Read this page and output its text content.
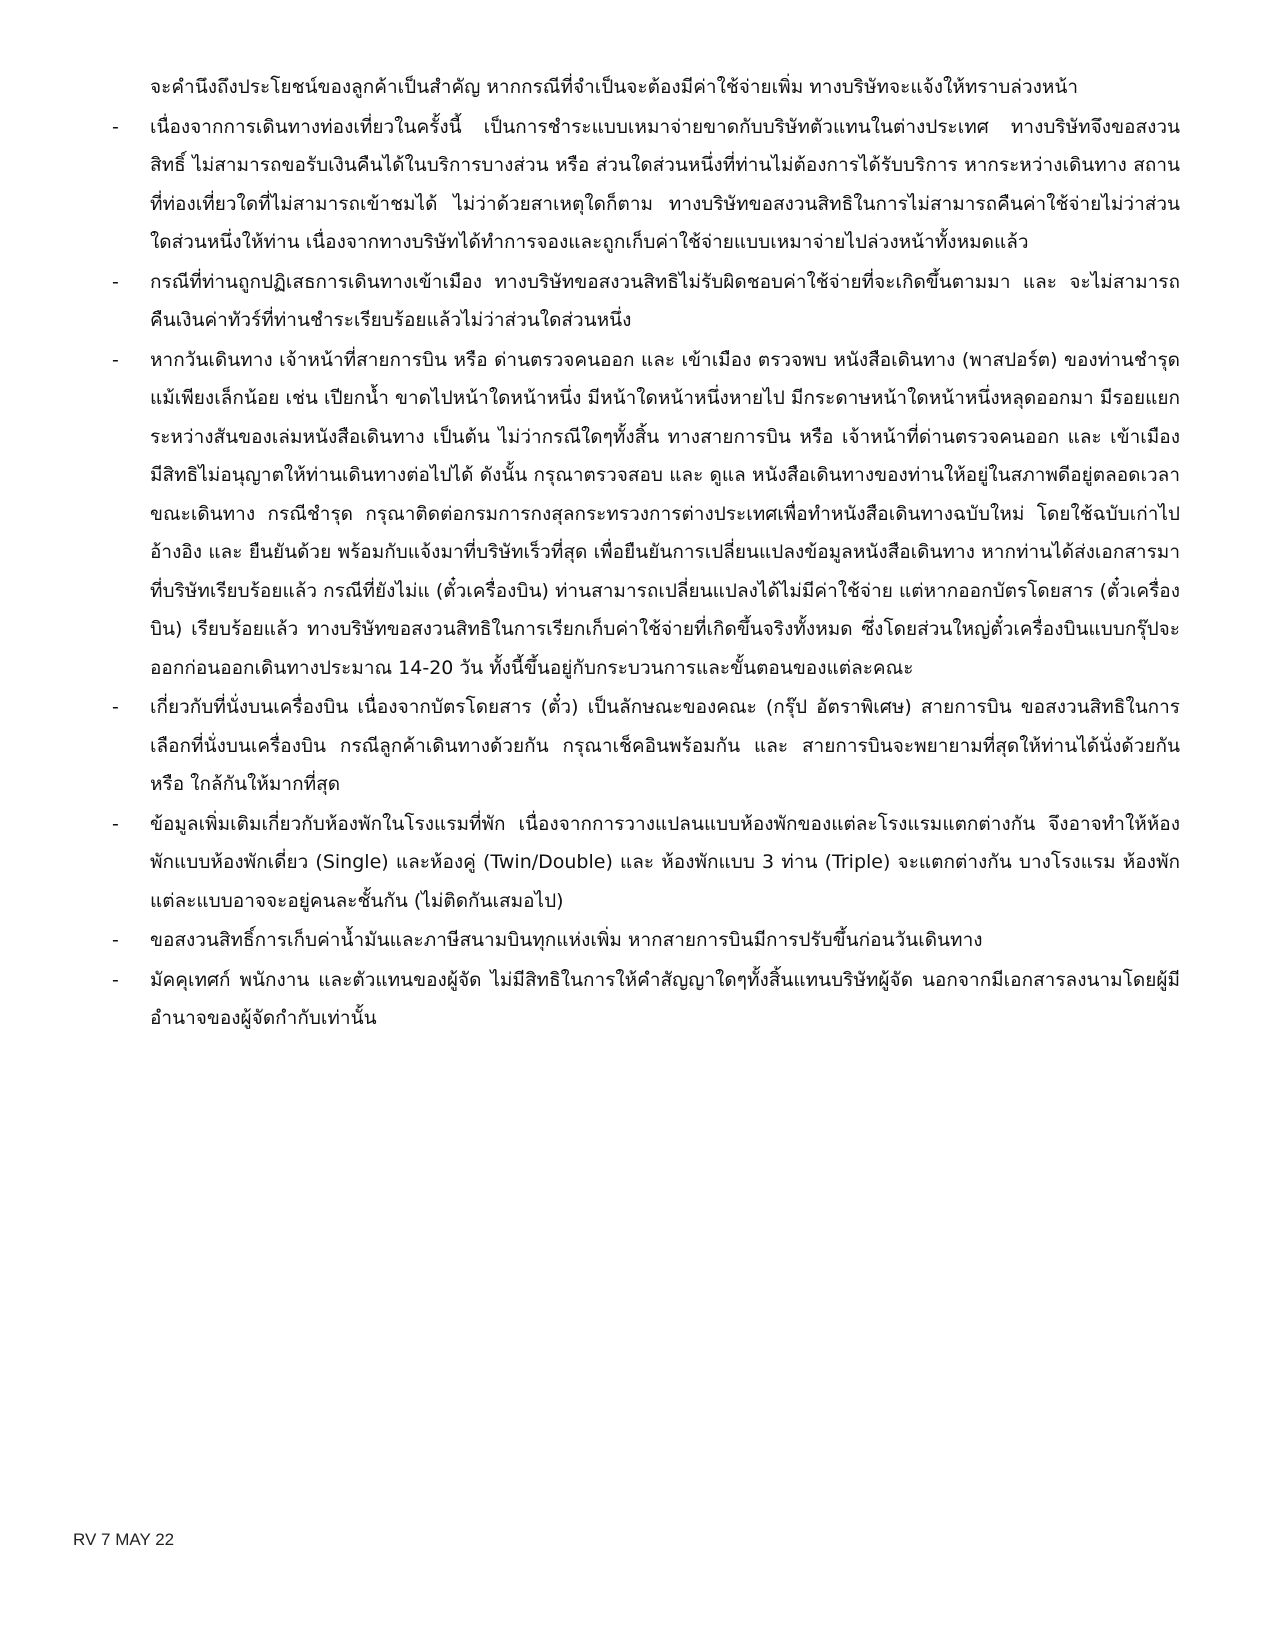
จะคำนึงถึงประโยชน์ของลูกค้าเป็นสำคัญ หากกรณีที่จำเป็นจะต้องมีค่าใช้จ่ายเพิ่ม ทางบริษัทจะแจ้งให้ทราบล่วงหน้า
-	เนื่องจากการเดินทางท่องเที่ยวในครั้งนี้ เป็นการชำระแบบเหมาจ่ายขาดกับบริษัทตัวแทนในต่างประเทศ ทางบริษัทจึงขอสงวนสิทธิ์ ไม่สามารถขอรับเงินคืนได้ในบริการบางส่วน หรือ ส่วนใดส่วนหนึ่งที่ท่านไม่ต้องการได้รับบริการ หากระหว่างเดินทาง สถานที่ท่องเที่ยวใดที่ไม่สามารถเข้าชมได้ ไม่ว่าด้วยสาเหตุใดก็ตาม ทางบริษัทขอสงวนสิทธิในการไม่สามารถคืนค่าใช้จ่ายไม่ว่าส่วนใดส่วนหนึ่งให้ท่าน เนื่องจากทางบริษัทได้ทำการจองและถูกเก็บค่าใช้จ่ายแบบเหมาจ่ายไปล่วงหน้าทั้งหมดแล้ว
-	กรณีที่ท่านถูกปฏิเสธการเดินทางเข้าเมือง ทางบริษัทขอสงวนสิทธิไม่รับผิดชอบค่าใช้จ่ายที่จะเกิดขึ้นตามมา และ จะไม่สามารถคืนเงินค่าทัวร์ที่ท่านชำระเรียบร้อยแล้วไม่ว่าส่วนใดส่วนหนึ่ง
-	หากวันเดินทาง เจ้าหน้าที่สายการบิน หรือ ด่านตรวจคนออก และ เข้าเมือง ตรวจพบ หนังสือเดินทาง (พาสปอร์ต) ของท่านชำรุดแม้เพียงเล็กน้อย เช่น เปียกน้ำ ขาดไปหน้าใดหน้าหนึ่ง มีหน้าใดหน้าหนึ่งหายไป มีกระดาษหน้าใดหน้าหนึ่งหลุดออกมา มีรอยแยกระหว่างสันของเล่มหนังสือเดินทาง เป็นต้น ไม่ว่ากรณีใดๆทั้งสิ้น ทางสายการบิน หรือ เจ้าหน้าที่ด่านตรวจคนออก และ เข้าเมือง มีสิทธิไม่อนุญาตให้ท่านเดินทางต่อไปได้ ดังนั้น กรุณาตรวจสอบ และ ดูแล หนังสือเดินทางของท่านให้อยู่ในสภาพดีอยู่ตลอดเวลา ขณะเดินทาง กรณีชำรุด กรุณาติดต่อกรมการกงสุลกระทรวงการต่างประเทศเพื่อทำหนังสือเดินทางฉบับใหม่ โดยใช้ฉบับเก่าไปอ้างอิง และ ยืนยันด้วย พร้อมกับแจ้งมาที่บริษัทเร็วที่สุด เพื่อยืนยันการเปลี่ยนแปลงข้อมูลหนังสือเดินทาง หากท่านได้ส่งเอกสารมาที่บริษัทเรียบร้อยแล้ว กรณีที่ยังไม่แ (ตั๋วเครื่องบิน) ท่านสามารถเปลี่ยนแปลงได้ไม่มีค่าใช้จ่าย แต่หากออกบัตรโดยสาร (ตั๋วเครื่องบิน) เรียบร้อยแล้ว ทางบริษัทขอสงวนสิทธิในการเรียกเก็บค่าใช้จ่ายที่เกิดขึ้นจริงทั้งหมด ซึ่งโดยส่วนใหญ่ตั๋วเครื่องบินแบบกรุ๊ปจะออกก่อนออกเดินทางประมาณ 14-20 วัน ทั้งนี้ขึ้นอยู่กับกระบวนการและขั้นตอนของแต่ละคณะ
-	เกี่ยวกับที่นั่งบนเครื่องบิน เนื่องจากบัตรโดยสาร (ตั๋ว) เป็นลักษณะของคณะ (กรุ๊ป อัตราพิเศษ) สายการบิน ขอสงวนสิทธิในการเลือกที่นั่งบนเครื่องบิน กรณีลูกค้าเดินทางด้วยกัน กรุณาเช็คอินพร้อมกัน และ สายการบินจะพยายามที่สุดให้ท่านได้นั่งด้วยกัน หรือ ใกล้กันให้มากที่สุด
-	ข้อมูลเพิ่มเติมเกี่ยวกับห้องพักในโรงแรมที่พัก เนื่องจากการวางแปลนแบบห้องพักของแต่ละโรงแรมแตกต่างกัน จึงอาจทำให้ห้องพักแบบห้องพักเดี่ยว (Single) และห้องคู่ (Twin/Double) และ ห้องพักแบบ 3 ท่าน (Triple) จะแตกต่างกัน บางโรงแรม ห้องพักแต่ละแบบอาจจะอยู่คนละชั้นกัน (ไม่ติดกันเสมอไป)
-	ขอสงวนสิทธิ์การเก็บค่าน้ำมันและภาษีสนามบินทุกแห่งเพิ่ม หากสายการบินมีการปรับขึ้นก่อนวันเดินทาง
-	มัคคุเทศก์ พนักงาน และตัวแทนของผู้จัด ไม่มีสิทธิในการให้คำสัญญาใดๆทั้งสิ้นแทนบริษัทผู้จัด นอกจากมีเอกสารลงนามโดยผู้มีอำนาจของผู้จัดกำกับเท่านั้น
RV 7 MAY 22
